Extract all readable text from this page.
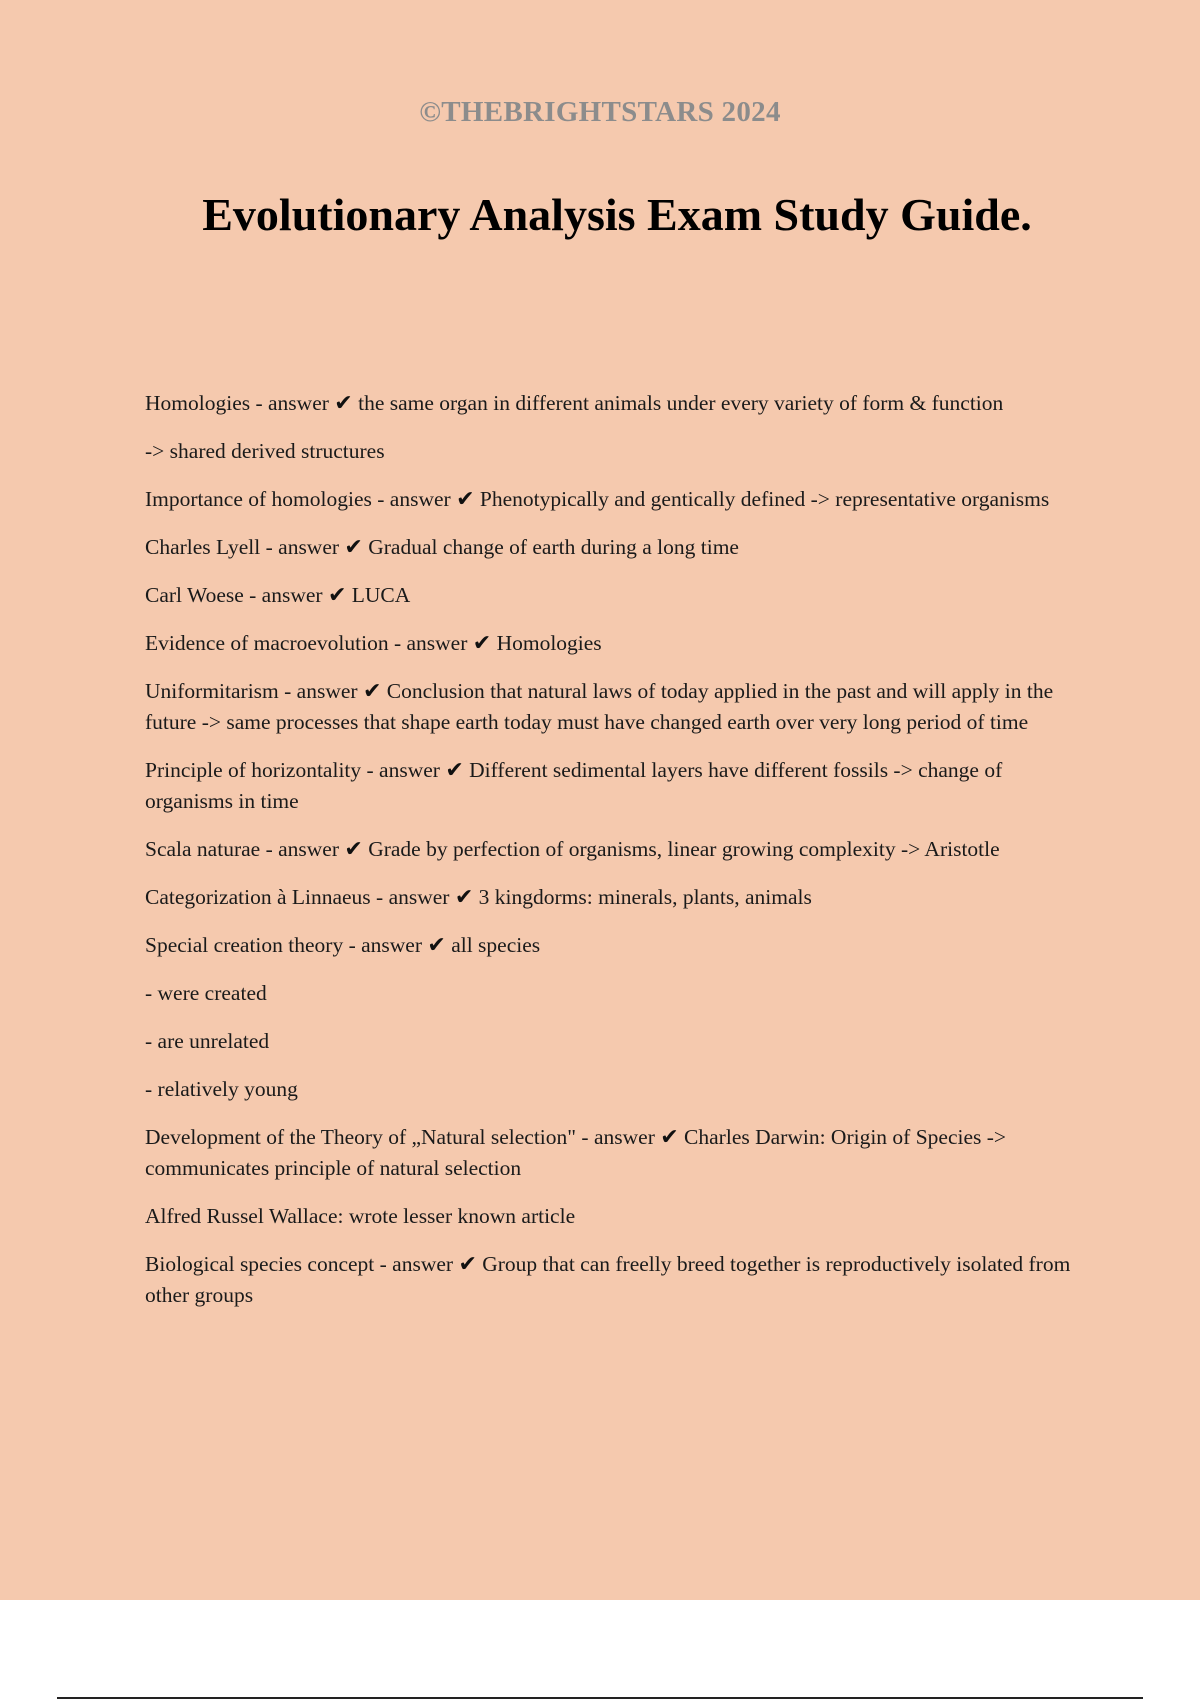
©THEBRIGHTSTARS 2024
Evolutionary Analysis Exam Study Guide.

Homologies - answer ✔ the same organ in different animals under every variety of form & function

-> shared derived structures

Importance of homologies - answer ✔ Phenotypically and gentically defined -> representative organisms

Charles Lyell - answer ✔ Gradual change of earth during a long time

Carl Woese - answer ✔ LUCA

Evidence of macroevolution - answer ✔ Homologies

Uniformitarism - answer ✔ Conclusion that natural laws of today applied in the past and will apply in the future -> same processes that shape earth today must have changed earth over very long period of time

Principle of horizontality - answer ✔ Different sedimental layers have different fossils -> change of organisms in time

Scala naturae - answer ✔ Grade by perfection of organisms, linear growing complexity -> Aristotle

Categorization à Linnaeus - answer ✔ 3 kingdorms: minerals, plants, animals

Special creation theory - answer ✔ all species

- were created

- are unrelated

- relatively young

Development of the Theory of „Natural selection" - answer ✔ Charles Darwin: Origin of Species -> communicates principle of natural selection

Alfred Russel Wallace: wrote lesser known article

Biological species concept - answer ✔ Group that can freelly breed together is reproductively isolated from other groups
